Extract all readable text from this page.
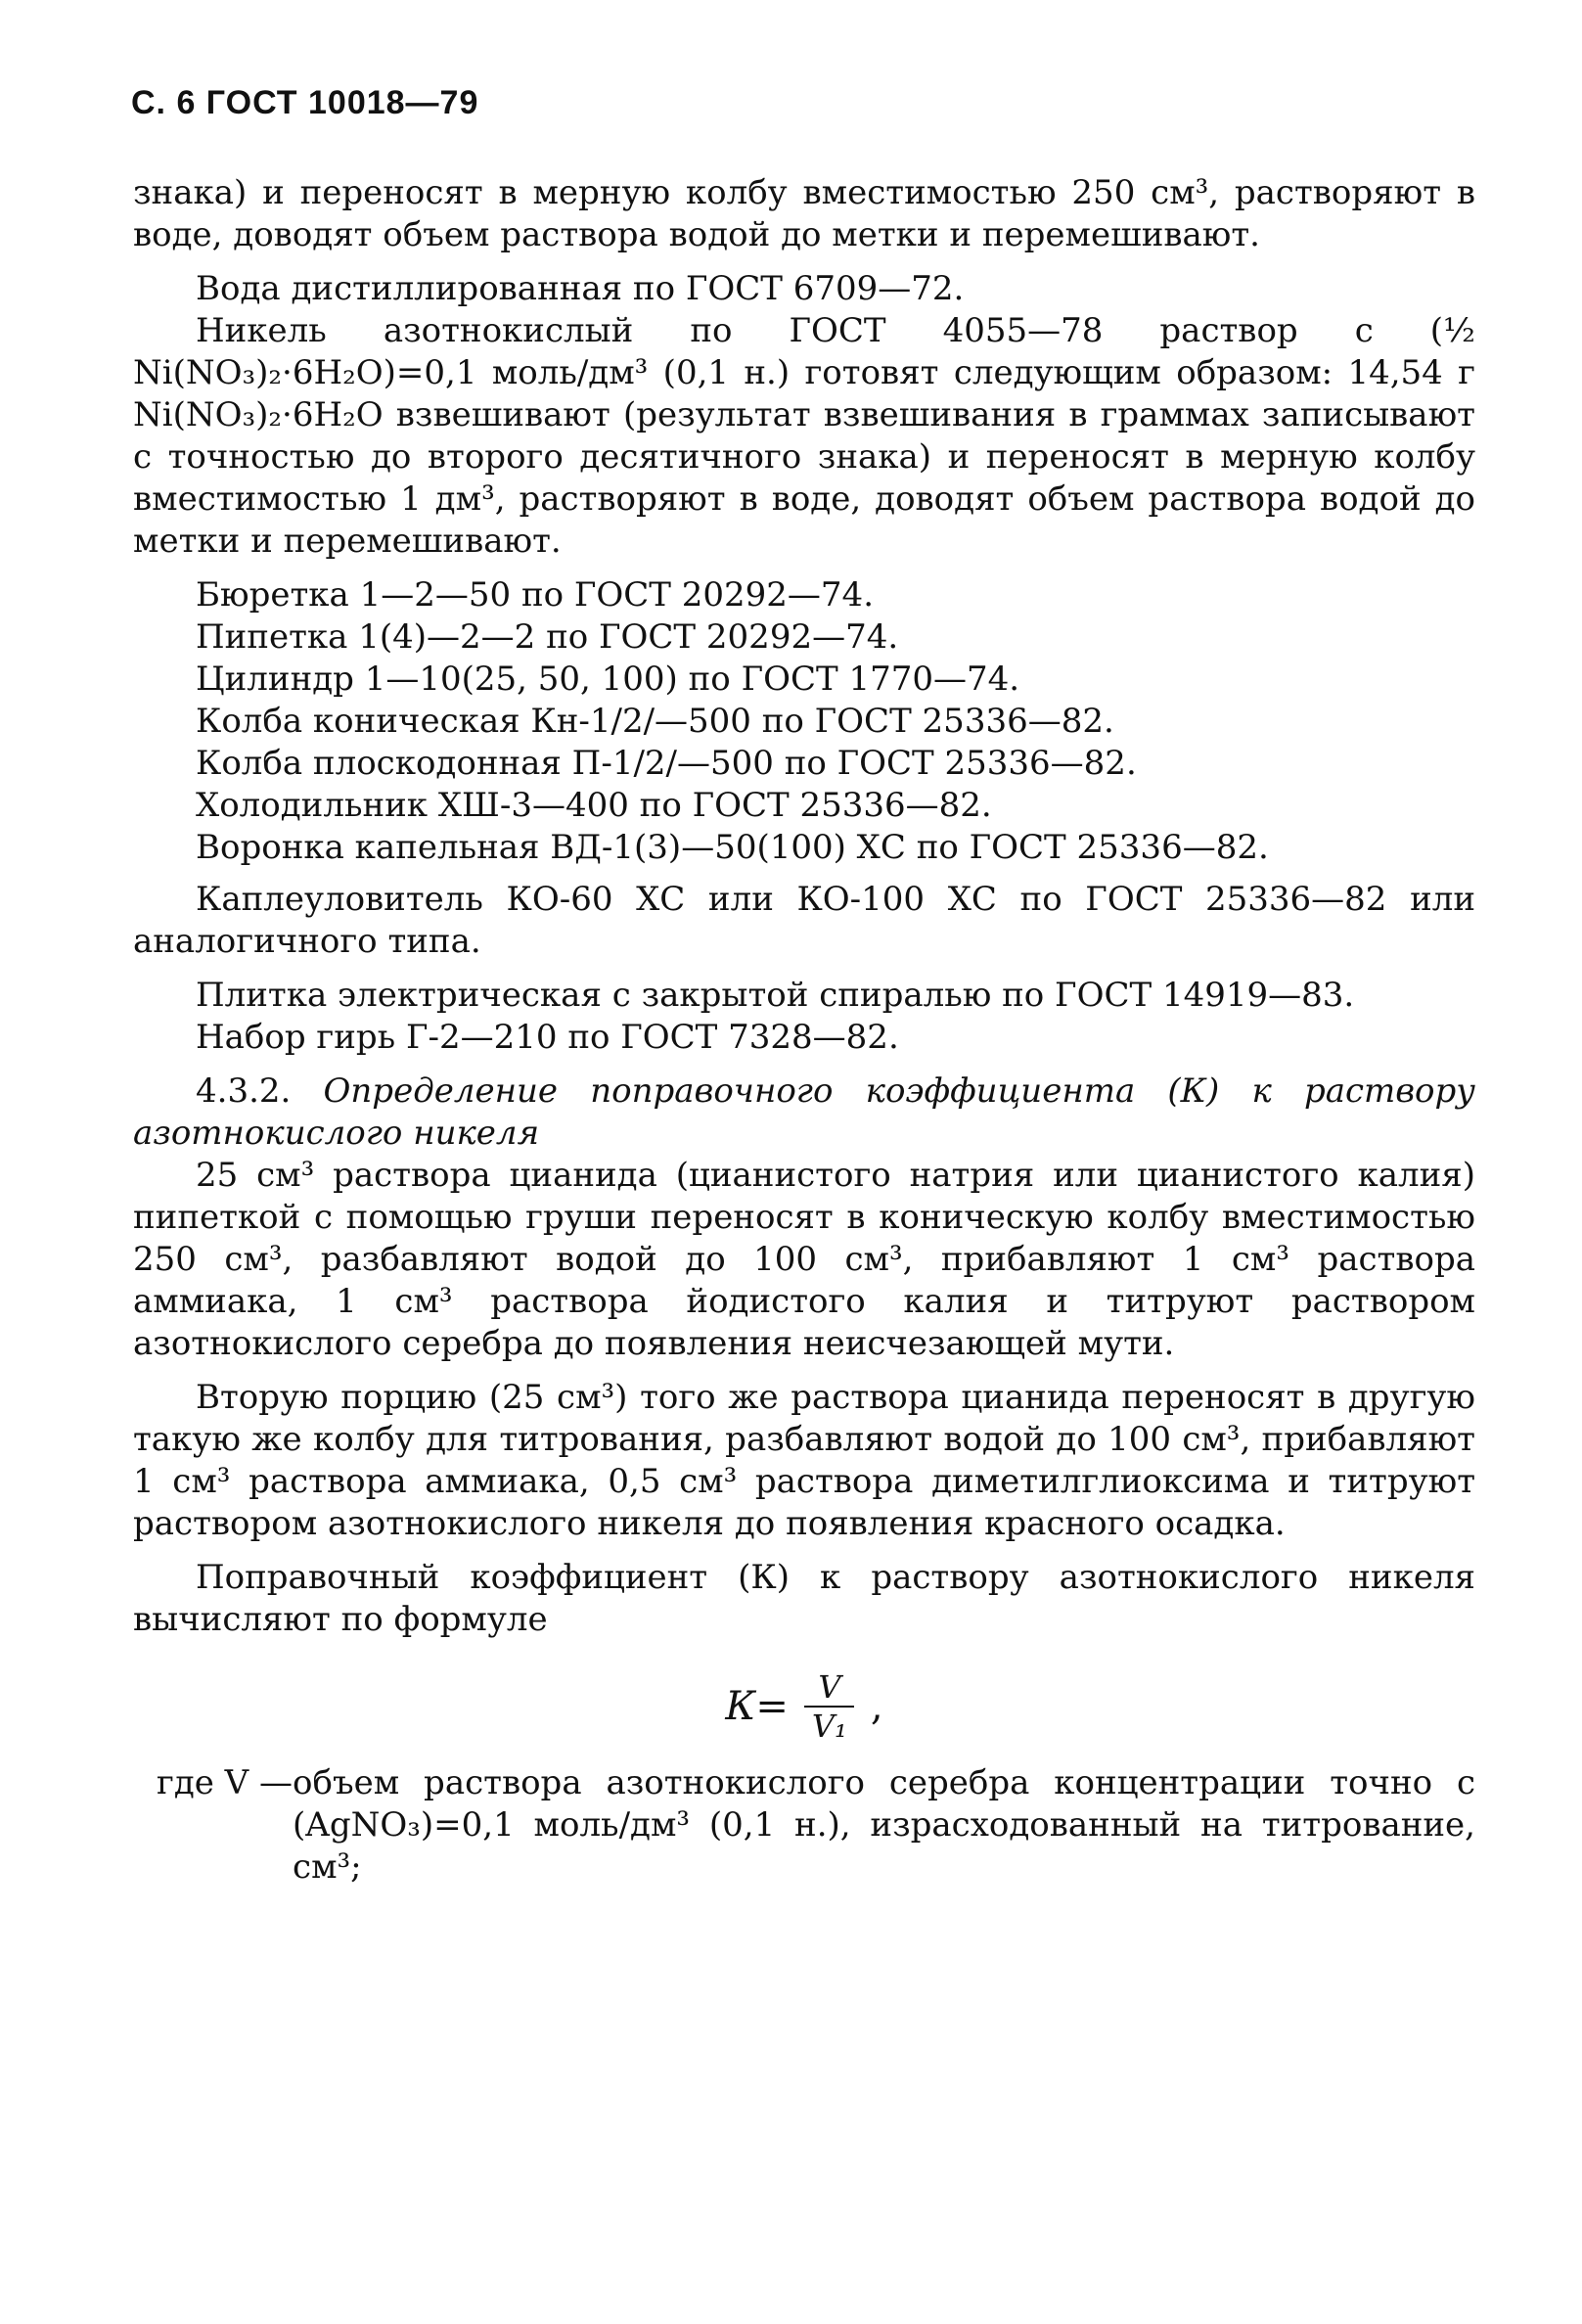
С. 6 ГОСТ 10018—79

знака) и переносят в мерную колбу вместимостью 250 см³, растворяют в воде, доводят объем раствора водой до метки и перемешивают.

Вода дистиллированная по ГОСТ 6709—72.

Никель азотнокислый по ГОСТ 4055—78 раствор с (½ Ni(NO₃)₂·6H₂O)=0,1 моль/дм³ (0,1 н.) готовят следующим образом: 14,54 г Ni(NO₃)₂·6H₂O взвешивают (результат взвешивания в граммах записывают с точностью до второго десятичного знака) и переносят в мерную колбу вместимостью 1 дм³, растворяют в воде, доводят объем раствора водой до метки и перемешивают.

Бюретка 1—2—50 по ГОСТ 20292—74.

Пипетка 1(4)—2—2 по ГОСТ 20292—74.

Цилиндр 1—10(25, 50, 100) по ГОСТ 1770—74.

Колба коническая Кн-1/2/—500 по ГОСТ 25336—82.

Колба плоскодонная П-1/2/—500 по ГОСТ 25336—82.

Холодильник ХШ-3—400 по ГОСТ 25336—82.

Воронка капельная ВД-1(3)—50(100) ХС по ГОСТ 25336—82.

Каплеуловитель КО-60 ХС или КО-100 ХС по ГОСТ 25336—82 или аналогичного типа.

Плитка электрическая с закрытой спиралью по ГОСТ 14919—83.

Набор гирь Г-2—210 по ГОСТ 7328—82.

4.3.2. Определение поправочного коэффициента (К) к раствору азотнокислого никеля

25 см³ раствора цианида (цианистого натрия или цианистого калия) пипеткой с помощью груши переносят в коническую колбу вместимостью 250 см³, разбавляют водой до 100 см³, прибавляют 1 см³ раствора аммиака, 1 см³ раствора йодистого калия и титруют раствором азотнокислого серебра до появления неисчезающей мути.

Вторую порцию (25 см³) того же раствора цианида переносят в другую такую же колбу для титрования, разбавляют водой до 100 см³, прибавляют 1 см³ раствора аммиака, 0,5 см³ раствора диметилглиоксима и титруют раствором азотнокислого никеля до появления красного осадка.

Поправочный коэффициент (К) к раствору азотнокислого никеля вычисляют по формуле

$К= \frac{V}{\text{V₁}}$ ,
где V — объем раствора азотнокислого серебра концентрации точно с (AgNO₃)=0,1 моль/дм³ (0,1 н.), израсходованный на титрование, см³;
